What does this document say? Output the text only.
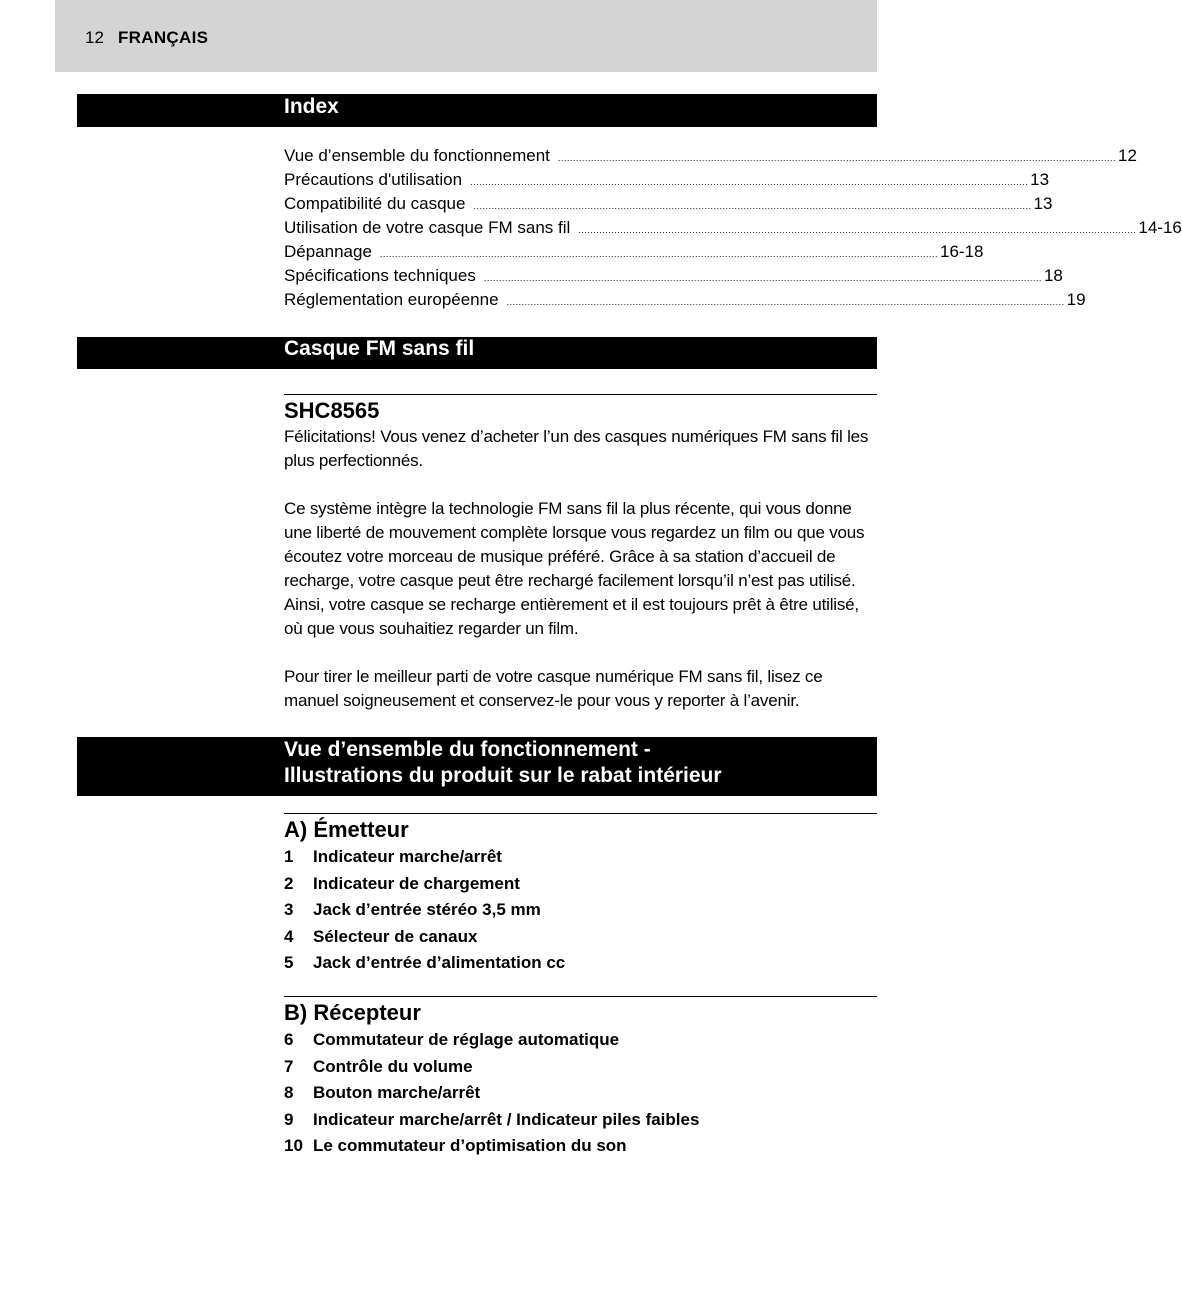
12 FRANÇAIS
Index
Vue d’ensemble du fonctionnement .......................................................................................................................................................................................... 12
Précautions d'utilisation .......................................................................................................................................................................................... 13
Compatibilité du casque .......................................................................................................................................................................................... 13
Utilisation de votre casque FM sans fil .......................................................................................................................................................................................... 14-16
Dépannage .......................................................................................................................................................................................... 16-18
Spécifications techniques .......................................................................................................................................................................................... 18
Réglementation européenne .......................................................................................................................................................................................... 19
Casque FM sans fil
SHC8565
Félicitations! Vous venez d’acheter l’un des casques numériques FM sans fil les plus perfectionnés.
Ce système intègre la technologie FM sans fil la plus récente, qui vous donne une liberté de mouvement complète lorsque vous regardez un film ou que vous écoutez votre morceau de musique préféré. Grâce à sa station d’accueil de recharge, votre casque peut être rechargé facilement lorsqu’il n’est pas utilisé. Ainsi, votre casque se recharge entièrement et il est toujours prêt à être utilisé, où que vous souhaitiez regarder un film.
Pour tirer le meilleur parti de votre casque numérique FM sans fil, lisez ce manuel soigneusement et conservez-le pour vous y reporter à l’avenir.
Vue d’ensemble du fonctionnement -
Illustrations du produit sur le rabat intérieur
A) Émetteur
1 Indicateur marche/arrêt
2 Indicateur de chargement
3 Jack d’entrée stéréo 3,5 mm
4 Sélecteur de canaux
5 Jack d’entrée d’alimentation cc
B) Récepteur
6 Commutateur de réglage automatique
7 Contrôle du volume
8 Bouton marche/arrêt
9 Indicateur marche/arrêt / Indicateur piles faibles
10 Le commutateur d’optimisation du son
